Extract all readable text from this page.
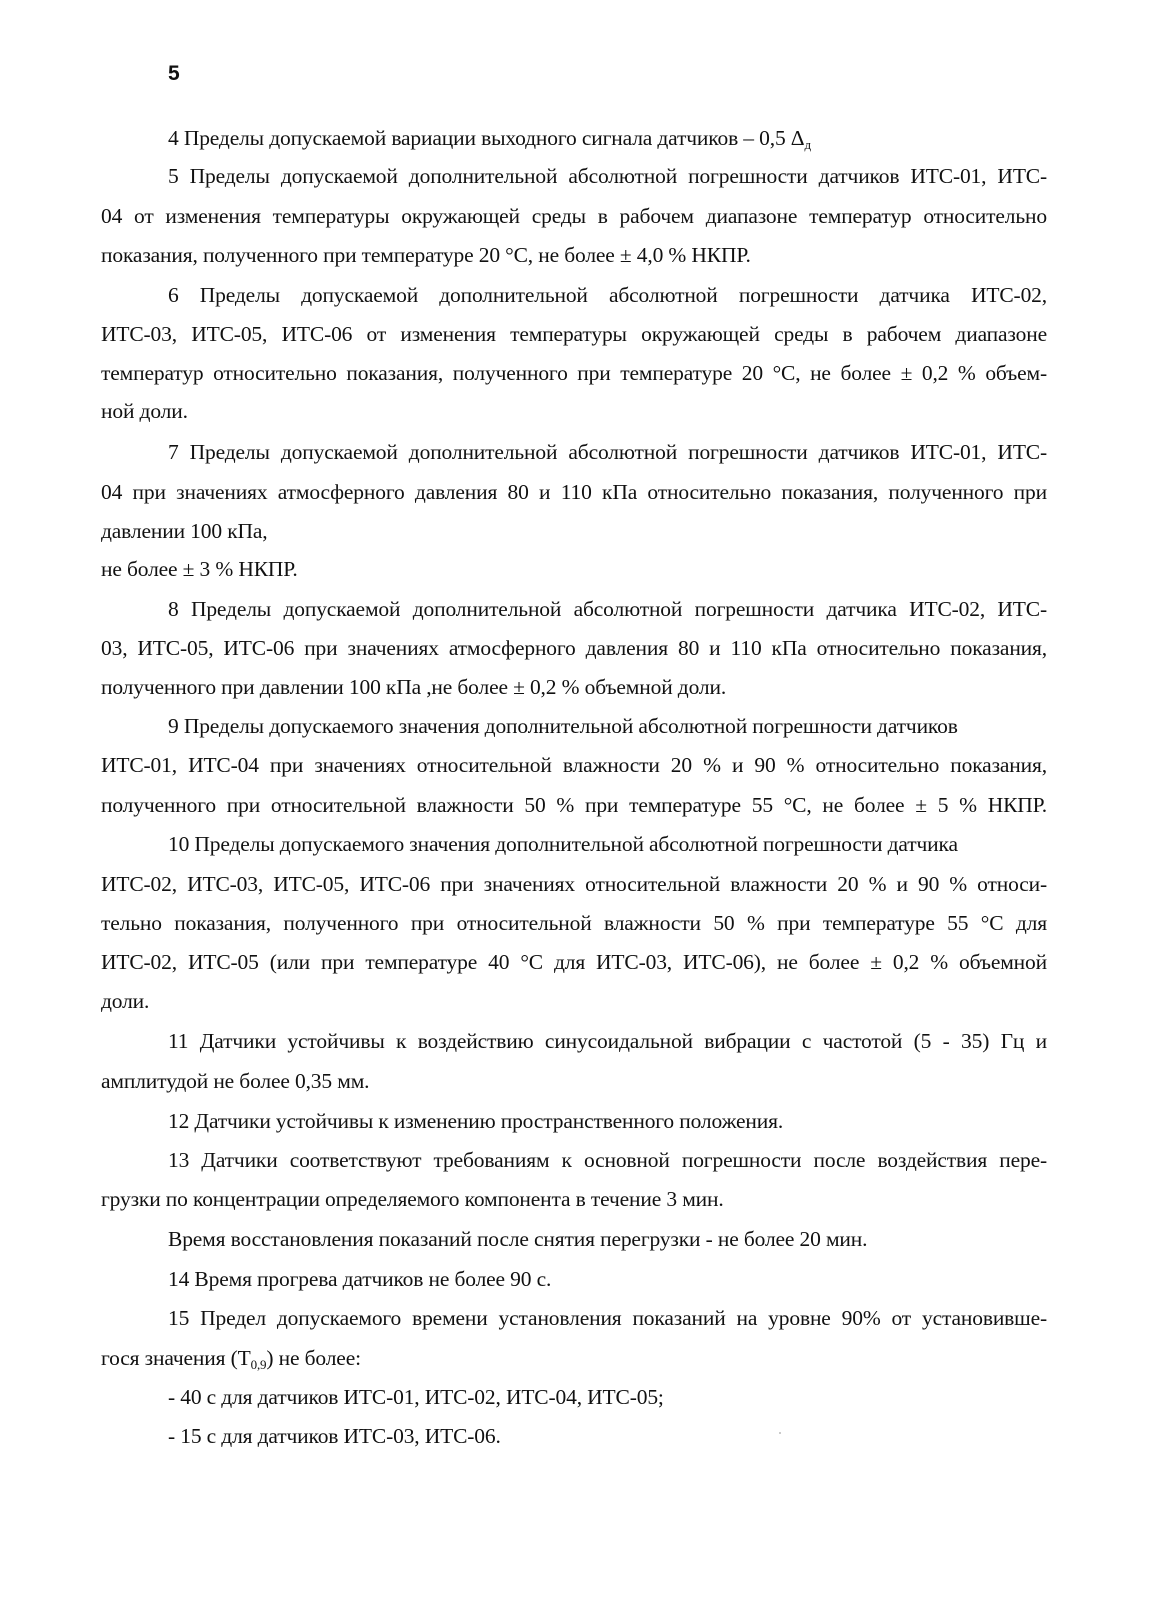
5
4 Пределы допускаемой вариации выходного сигнала датчиков – 0,5 $\Delta_д$
5 Пределы допускаемой дополнительной абсолютной погрешности датчиков ИТС-01, ИТС-
04 от изменения температуры окружающей среды в рабочем диапазоне температур относительно
показания, полученного при температуре 20 °С, не более ± 4,0 % НКПР.
6 Пределы допускаемой дополнительной абсолютной погрешности датчика ИТС-02,
ИТС-03, ИТС-05, ИТС-06 от изменения температуры окружающей среды в рабочем диапазоне
температур относительно показания, полученного при температуре 20 °С, не более ± 0,2 % объем-
ной доли.
7 Пределы допускаемой дополнительной абсолютной погрешности датчиков ИТС-01, ИТС-
04 при значениях атмосферного давления 80 и 110 кПа относительно показания, полученного при
давлении 100 кПа,
не более ± 3 % НКПР.
8 Пределы допускаемой дополнительной абсолютной погрешности датчика ИТС-02, ИТС-
03, ИТС-05, ИТС-06 при значениях атмосферного давления 80 и 110 кПа относительно показания,
полученного при давлении 100 кПа ,не более ± 0,2 % объемной доли.
9 Пределы допускаемого значения дополнительной абсолютной погрешности датчиков
ИТС-01, ИТС-04 при значениях относительной влажности 20 % и 90 % относительно показания,
полученного при относительной влажности 50 % при температуре 55 °С, не более ± 5 % НКПР.
10 Пределы допускаемого значения дополнительной абсолютной погрешности датчика
ИТС-02, ИТС-03, ИТС-05, ИТС-06 при значениях относительной влажности 20 % и 90 % относи-
тельно показания, полученного при относительной влажности 50 % при температуре 55 °С для
ИТС-02, ИТС-05 (или при температуре 40 °С для ИТС-03, ИТС-06), не более ± 0,2 % объемной
доли.
11 Датчики устойчивы к воздействию синусоидальной вибрации с частотой (5 - 35) Гц и
амплитудой не более 0,35 мм.
12 Датчики устойчивы к изменению пространственного положения.
13 Датчики соответствуют требованиям к основной погрешности после воздействия пере-
грузки по концентрации определяемого компонента в течение 3 мин.
Время восстановления показаний после снятия перегрузки - не более 20 мин.
14 Время прогрева датчиков не более 90 с.
15 Предел допускаемого времени установления показаний на уровне 90% от установивше-
гося значения $(T_{0,9})$ не более:
- 40 с для датчиков ИТС-01, ИТС-02, ИТС-04, ИТС-05;
- 15 с для датчиков ИТС-03, ИТС-06.
